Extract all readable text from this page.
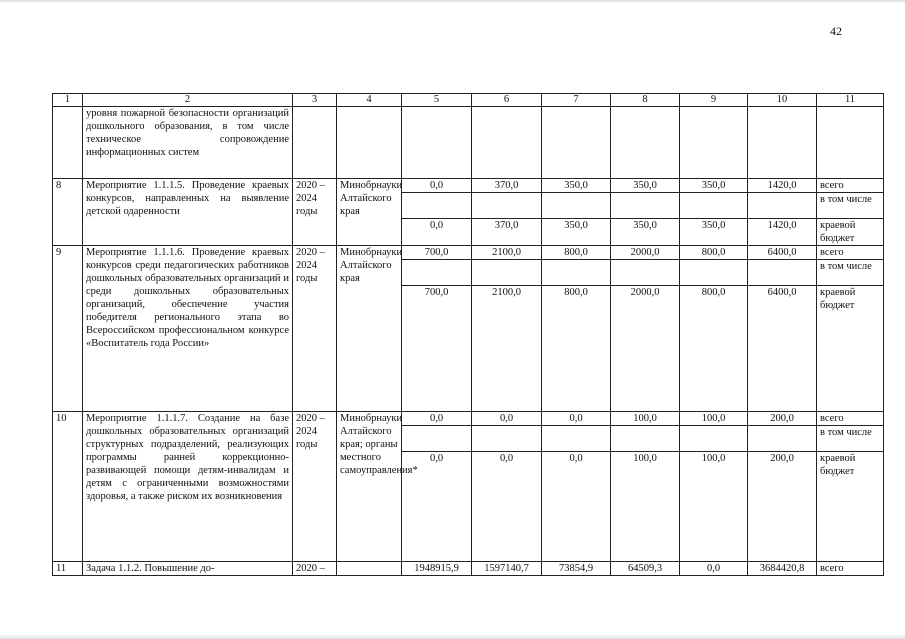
42
1	2	3	4	5	6	7	8	9	10	11
	уровня пожарной безопасности организаций дошкольного образования, в том числе техническое сопровождение информационных систем									
8	Мероприятие 1.1.1.5. Проведение краевых конкурсов, направленных на выявление детской одаренности	2020 – 2024 годы	Минобрнауки Алтайского края	0,0	370,0	350,0	350,0	350,0	1420,0	всего
										в том числе
				0,0	370,0	350,0	350,0	350,0	1420,0	краевой бюджет
9	Мероприятие 1.1.1.6. Проведение краевых конкурсов среди педагогических работников дошкольных образовательных организаций и среди дошкольных образовательных организаций, обеспечение участия победителя регионального этапа во Всероссийском профессиональном конкурсе «Воспитатель года России»	2020 – 2024 годы	Минобрнауки Алтайского края	700,0	2100,0	800,0	2000,0	800,0	6400,0	всего
										в том числе
				700,0	2100,0	800,0	2000,0	800,0	6400,0	краевой бюджет
10	Мероприятие 1.1.1.7. Создание на базе дошкольных образовательных организаций структурных подразделений, реализующих программы ранней коррекционно-развивающей помощи детям-инвалидам и детям с ограниченными возможностями здоровья, а также риском их возникновения	2020 – 2024 годы	Минобрнауки Алтайского края; органы местного самоуправления*	0,0	0,0	0,0	100,0	100,0	200,0	всего
										в том числе
				0,0	0,0	0,0	100,0	100,0	200,0	краевой бюджет
11	Задача 1.1.2. Повышение до-	2020 –		1948915,9	1597140,7	73854,9	64509,3	0,0	3684420,8	всего
